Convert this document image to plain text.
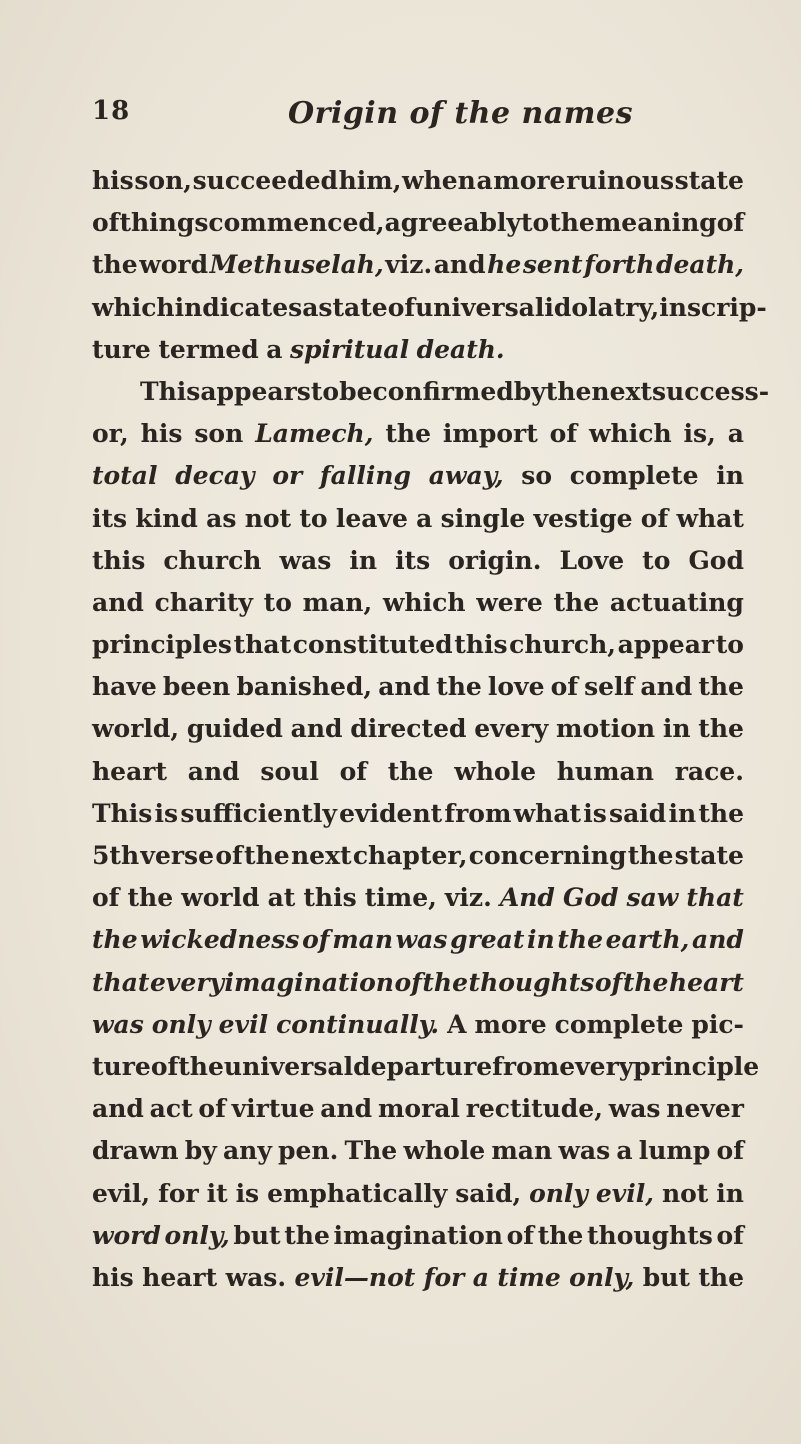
18	Origin of the names
his son, succeeded him, when a more ruinous state
of things commenced, agreeably to the meaning of
the word Methuselah, viz. and he sent forth death,
which indicates a state of universal idolatry, in scrip-
ture termed a spiritual death.
This appears to be confirmed by the next success-
or, his son Lamech, the import of which is, a
total decay or falling away, so complete in
its kind as not to leave a single vestige of what
this church was in its origin. Love to God
and charity to man, which were the actuating
principles that constituted this church, appear to
have been banished, and the love of self and the
world, guided and directed every motion in the
heart and soul of the whole human race.
This is sufficiently evident from what is said in the
5th verse of the next chapter, concerning the state
of the world at this time, viz. And God saw that
the wickedness of man was great in the earth, and
that every imagination of the thoughts of the heart
was only evil continually. A more complete pic-
ture of the universal departure from every principle
and act of virtue and moral rectitude, was never
drawn by any pen. The whole man was a lump of
evil, for it is emphatically said, only evil, not in
word only, but the imagination of the thoughts of
his heart was. evil—not for a time only, but the
